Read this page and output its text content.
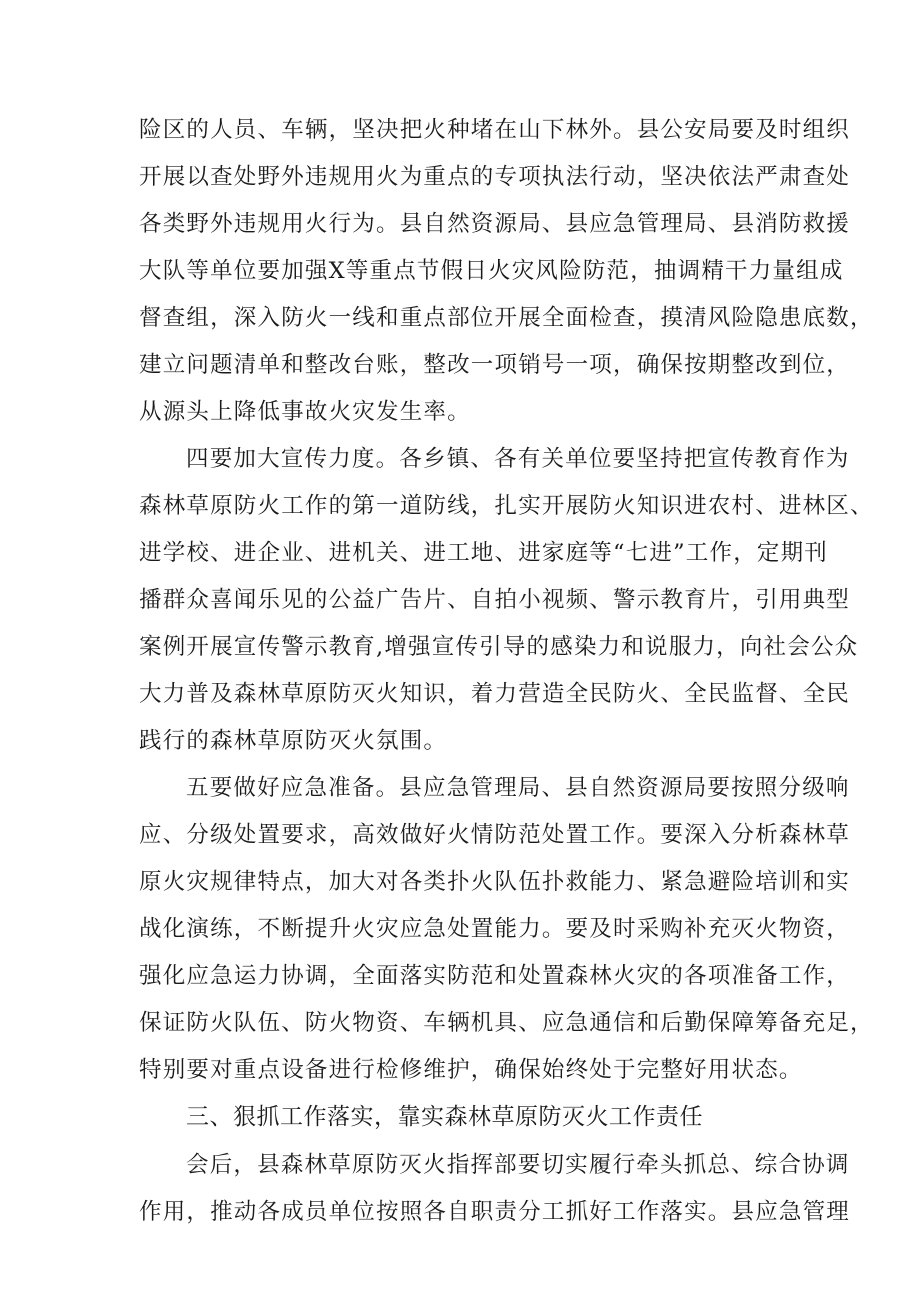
险区的人员、车辆，坚决把火种堵在山下林外。县公安局要及时组织
开展以查处野外违规用火为重点的专项执法行动，坚决依法严肃查处
各类野外违规用火行为。县自然资源局、县应急管理局、县消防救援
大队等单位要加强X等重点节假日火灾风险防范，抽调精干力量组成
督查组，深入防火一线和重点部位开展全面检查，摸清风险隐患底数，
建立问题清单和整改台账，整改一项销号一项，确保按期整改到位，
从源头上降低事故火灾发生率。
四要加大宣传力度。各乡镇、各有关单位要坚持把宣传教育作为
森林草原防火工作的第一道防线，扎实开展防火知识进农村、进林区、
进学校、进企业、进机关、进工地、进家庭等“七进”工作，定期刊
播群众喜闻乐见的公益广告片、自拍小视频、警示教育片，引用典型
案例开展宣传警示教育,增强宣传引导的感染力和说服力，向社会公众
大力普及森林草原防灭火知识，着力营造全民防火、全民监督、全民
践行的森林草原防灭火氛围。
五要做好应急准备。县应急管理局、县自然资源局要按照分级响
应、分级处置要求，高效做好火情防范处置工作。要深入分析森林草
原火灾规律特点，加大对各类扑火队伍扑救能力、紧急避险培训和实
战化演练，不断提升火灾应急处置能力。要及时采购补充灭火物资，
强化应急运力协调，全面落实防范和处置森林火灾的各项准备工作，
保证防火队伍、防火物资、车辆机具、应急通信和后勤保障筹备充足，
特别要对重点设备进行检修维护，确保始终处于完整好用状态。
三、狠抓工作落实，靠实森林草原防灭火工作责任
会后，县森林草原防灭火指挥部要切实履行牵头抓总、综合协调
作用，推动各成员单位按照各自职责分工抓好工作落实。县应急管理
